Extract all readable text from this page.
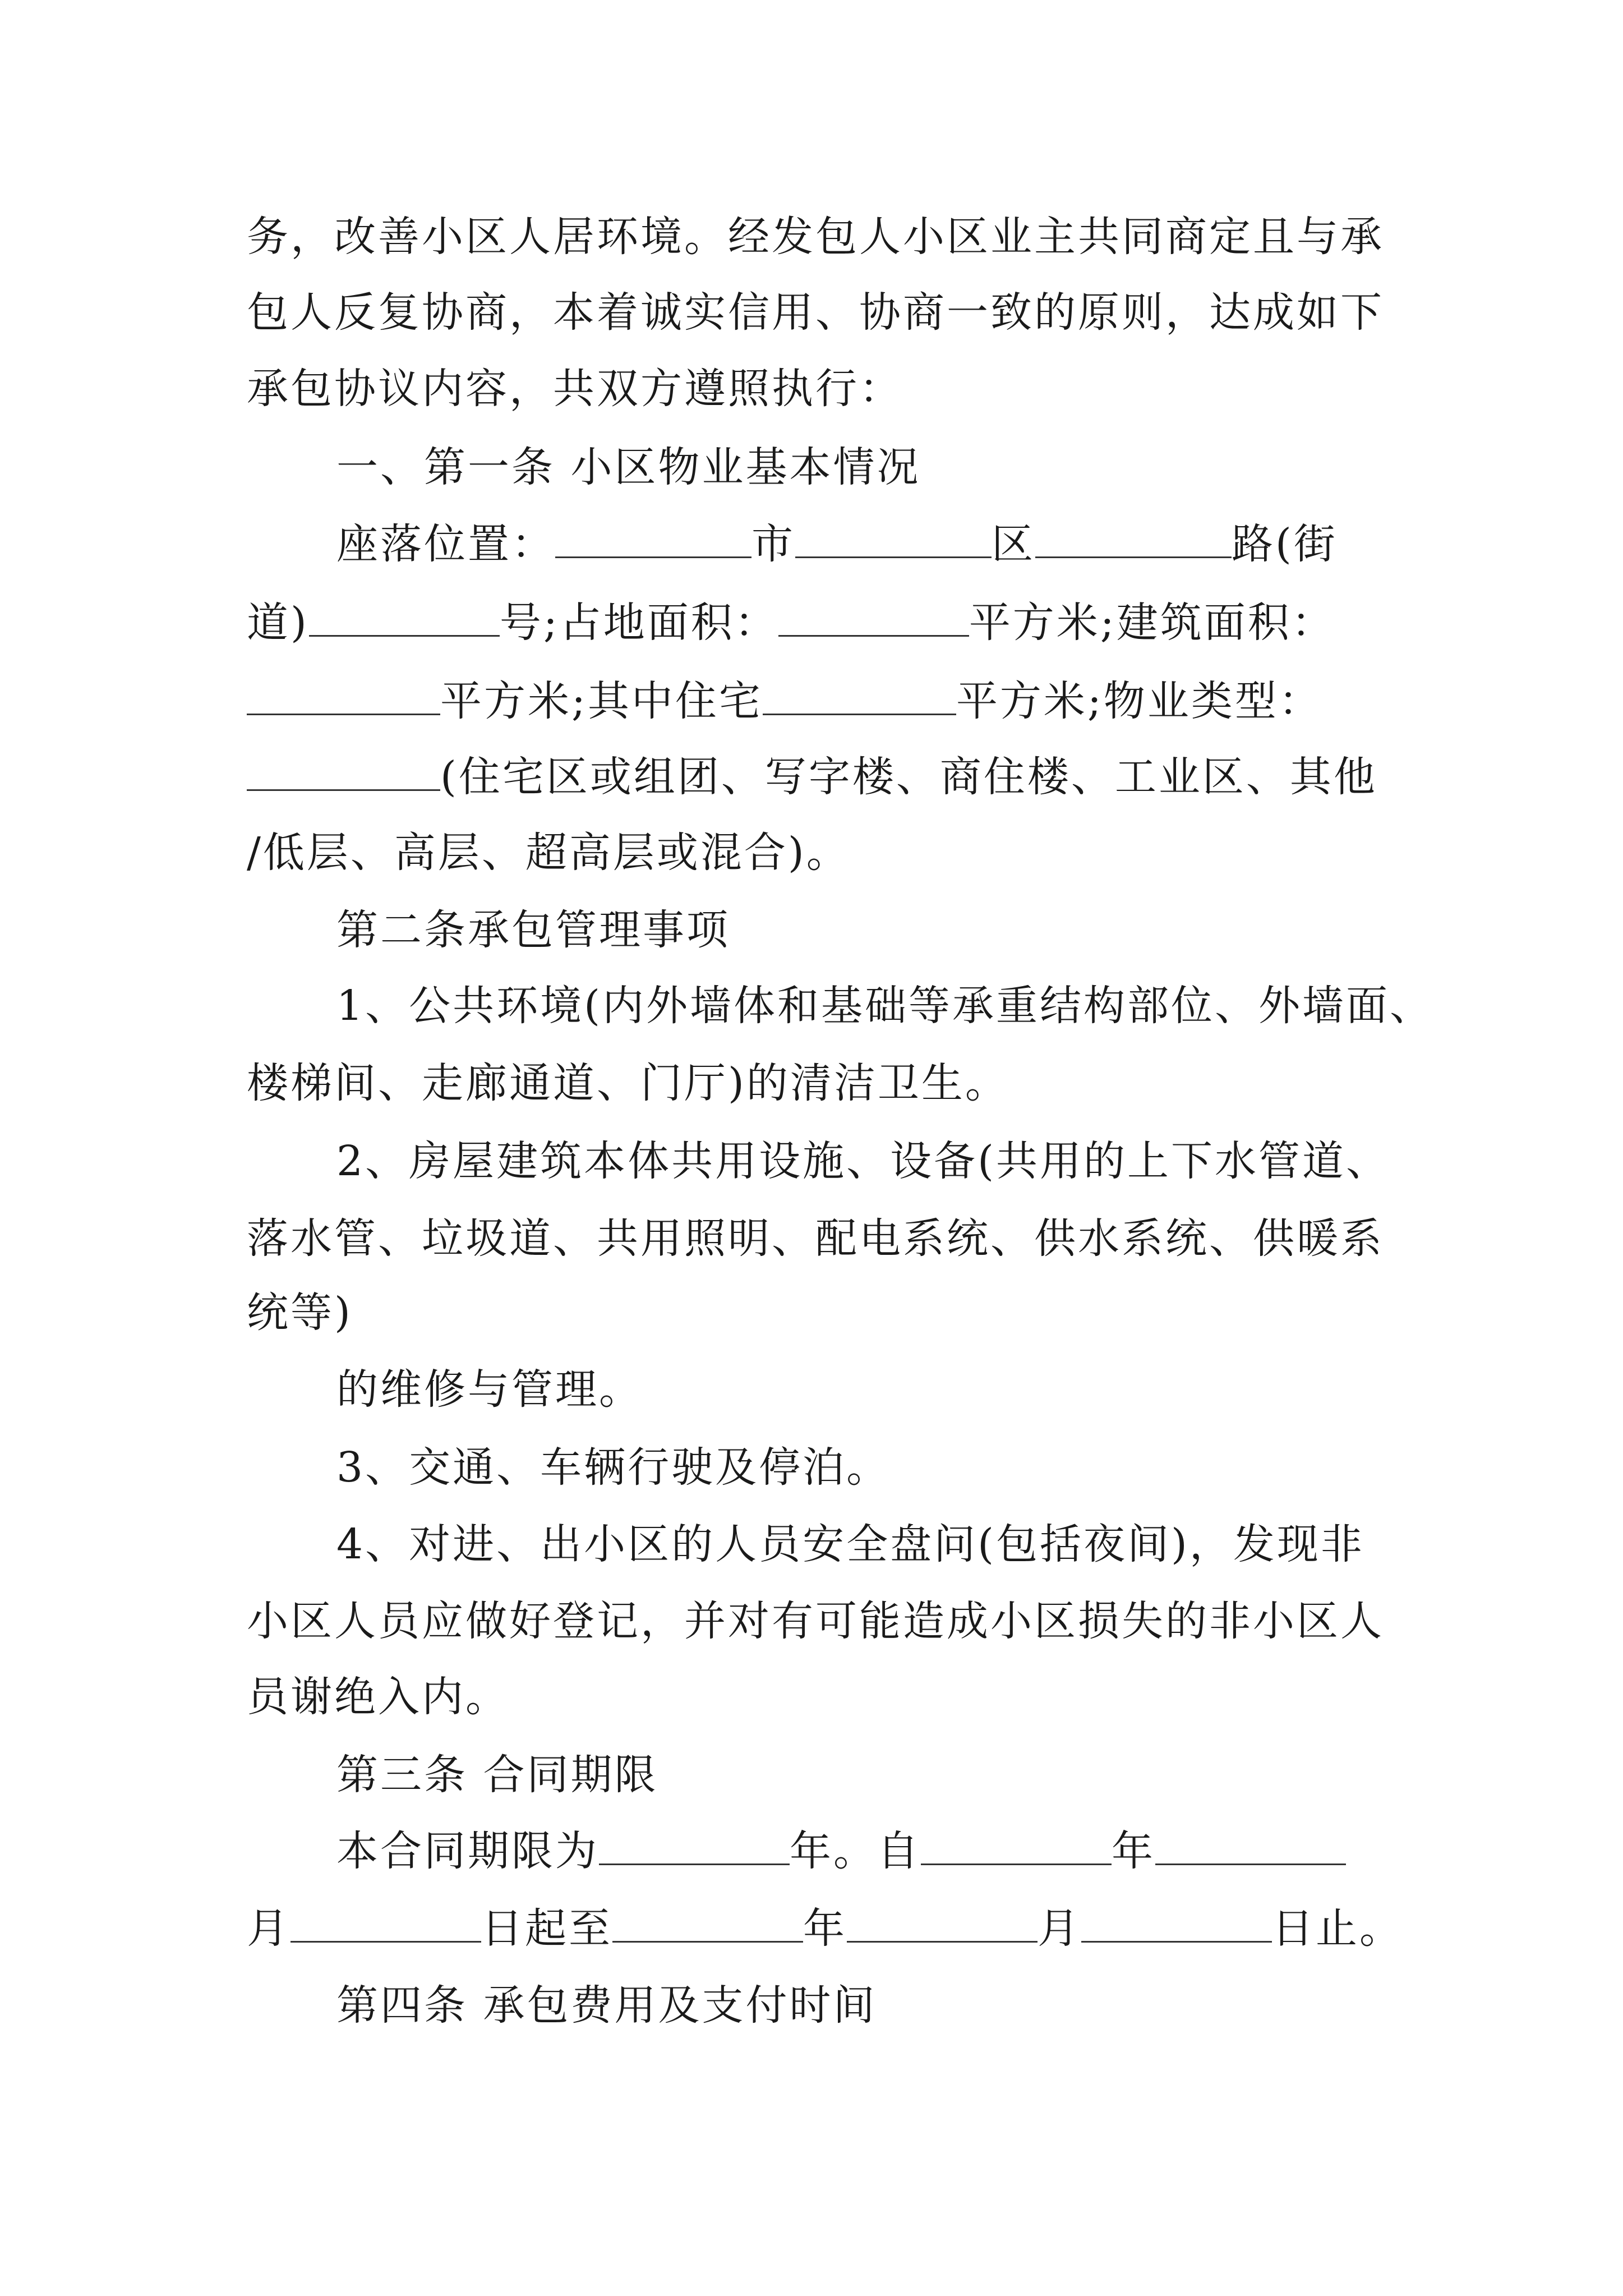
务，改善小区人居环境。经发包人小区业主共同商定且与承
包人反复协商，本着诚实信用、协商一致的原则，达成如下
承包协议内容，共双方遵照执行：
一、第一条 小区物业基本情况
座落位置：	市	区	路(街
道)	号;占地面积：	平方米;建筑面积：
平方米;其中住宅	平方米;物业类型：
(住宅区或组团、写字楼、商住楼、工业区、其他
/低层、高层、超高层或混合)。
第二条承包管理事项
1、公共环境(内外墙体和基础等承重结构部位、外墙面、
楼梯间、走廊通道、门厅)的清洁卫生。
2、房屋建筑本体共用设施、设备(共用的上下水管道、
落水管、垃圾道、共用照明、配电系统、供水系统、供暖系
统等)
的维修与管理。
3、交通、车辆行驶及停泊。
4、对进、出小区的人员安全盘问(包括夜间)，发现非
小区人员应做好登记，并对有可能造成小区损失的非小区人
员谢绝入内。
第三条 合同期限
本合同期限为	年。自	年
月	日起至	年	月	日止。
第四条 承包费用及支付时间
